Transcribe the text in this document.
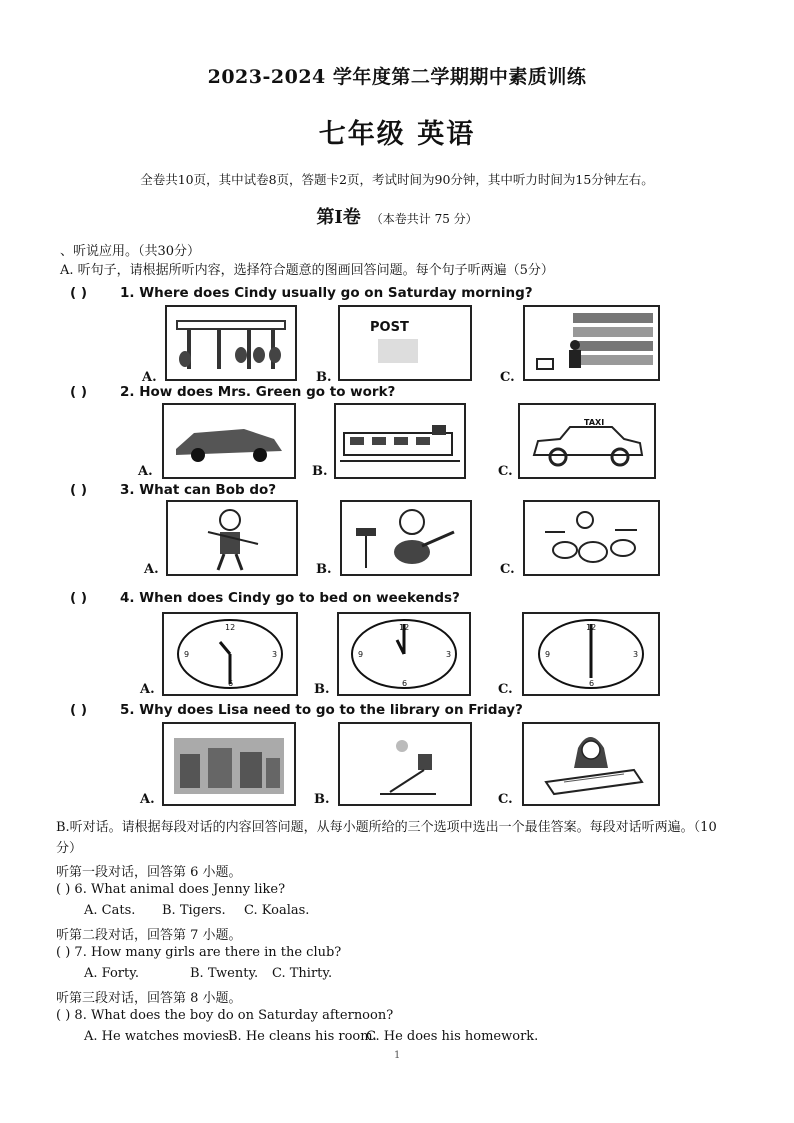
2023-2024 学年度第二学期期中素质训练
七年级 英语
全卷共10页，其中试卷8页，答题卡2页，考试时间为90分钟，其中听力时间为15分钟左右。
第Ⅰ卷 （本卷共计 75 分）
、听说应用。（共30分）
A. 听句子，请根据所听内容，选择符合题意的图画回答问题。每个句子听两遍（5分）
( ) 1. Where does Cindy usually go on Saturday morning?
A.	B.
POST
C.
( ) 2. How does Mrs. Green go to work?
A.	B.	C.
TAXI
( ) 3. What can Bob do?
A.	B.	C.
( ) 4. When does Cindy go to bed on weekends?
A.
12
3
6
9
B.
12
3
6
9
C.
12
3
6
9
( ) 5. Why does Lisa need to go to the library on Friday?
A.	B.	C.
B.听对话。请根据每段对话的内容回答问题，从每小题所给的三个选项中选出一个最佳答案。每段对话听两遍。（10
分）
听第一段对话，回答第 6 小题。
( ) 6. What animal does Jenny like?
A. Cats. B. Tigers. C. Koalas.
听第二段对话，回答第 7 小题。
( ) 7. How many girls are there in the club?
A. Forty.	B. Twenty. C. Thirty.
听第三段对话，回答第 8 小题。
( ) 8. What does the boy do on Saturday afternoon?
A. He watches movies.
B. He cleans his room.
C. He does his homework.
1
